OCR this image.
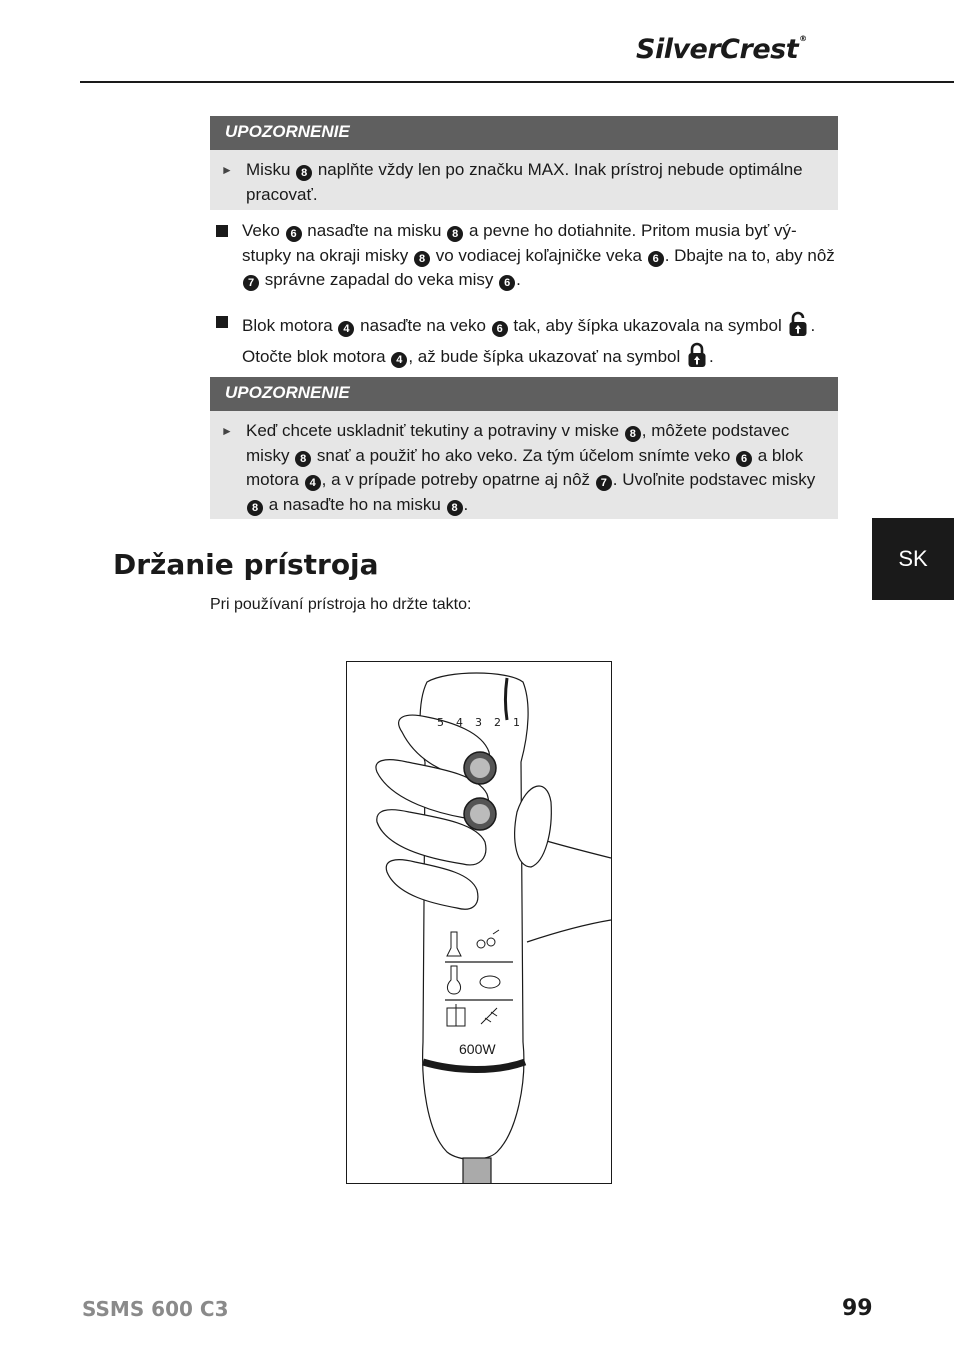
SilverCrest®
UPOZORNENIE
► Misku 8 naplňte vždy len po značku MAX. Inak prístroj nebude optimálne pracovať.
Veko 6 nasaďte na misku 8 a pevne ho dotiahnite. Pritom musia byť vý-stupky na okraji misky 8 vo vodiacej koľajničke veka 6 . Dbajte na to, aby nôž 7 správne zapadal do veka misy 6 .
Blok motora 4 nasaďte na veko 6 tak, aby šípka ukazovala na symbol .
Otočte blok motora 4 , až bude šípka ukazovať na symbol .
UPOZORNENIE
► Keď chcete uskladniť tekutiny a potraviny v miske 8 , môžete podstavec misky 8 snať a použiť ho ako veko. Za tým účelom snímte veko 6 a blok motora 4 , a v prípade potreby opatrne aj nôž 7 . Uvoľnite podstavec misky 8 a nasaďte ho na misku 8 .
SK
Držanie prístroja
Pri používaní prístroja ho držte takto:
5 4 3 2 1
600W
SSMS 600 C3	99
